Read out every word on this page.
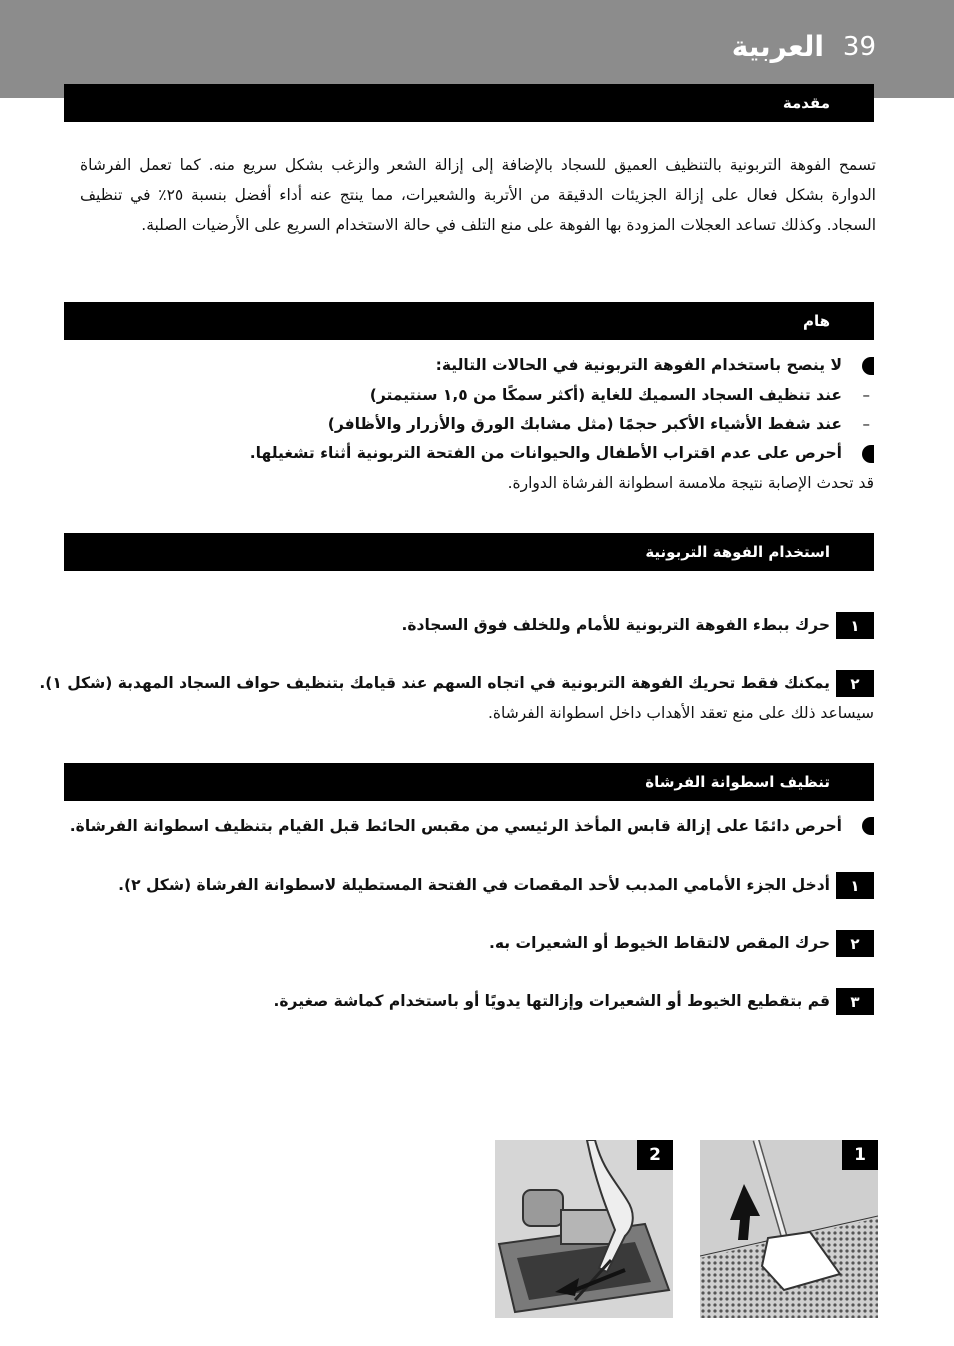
العربية 39
مقدمة
تسمح الفوهة التربونية بالتنظيف العميق للسجاد بالإضافة إلى إزالة الشعر والزغب بشكل سريع منه. كما تعمل الفرشاة الدوارة بشكل فعال على إزالة الجزيئات الدقيقة من الأتربة والشعيرات، مما ينتج عنه أداء أفضل بنسبة ٢٥٪ في تنظيف السجاد. وكذلك تساعد العجلات المزودة بها الفوهة على منع التلف في حالة الاستخدام السريع على الأرضيات الصلبة.
هام
لا ينصح باستخدام الفوهة التربونية في الحالات التالية:
–
عند تنظيف السجاد السميك للغاية (أكثر سمكًا من ١,٥ سنتيمتر)
–
عند شفط الأشياء الأكبر حجمًا (مثل مشابك الورق والأزرار والأظافر)
أحرص على عدم اقتراب الأطفال والحيوانات من الفتحة التربونية أثناء تشغيلها.
قد تحدث الإصابة نتيجة ملامسة اسطوانة الفرشاة الدوارة.
استخدام الفوهة التربونية
١
حرك ببطء الفوهة التربونية للأمام وللخلف فوق السجادة.
٢
يمكنك فقط تحريك الفوهة التربونية في اتجاه السهم عند قيامك بتنظيف حواف السجاد المهدبة (شكل ١).
سيساعد ذلك على منع تعقد الأهداب داخل اسطوانة الفرشاة.
تنظيف اسطوانة الفرشاة
أحرص دائمًا على إزالة قابس المأخذ الرئيسي من مقبس الحائط قبل القيام بتنظيف اسطوانة الفرشاة.
١
أدخل الجزء الأمامي المدبب لأحد المقصات في الفتحة المستطيلة لاسطوانة الفرشاة (شكل ٢).
٢
حرك المقص لالتقاط الخيوط أو الشعيرات به.
٣
قم بتقطيع الخيوط أو الشعيرات وإزالتها يدويًا أو باستخدام كماشة صغيرة.
2	1
